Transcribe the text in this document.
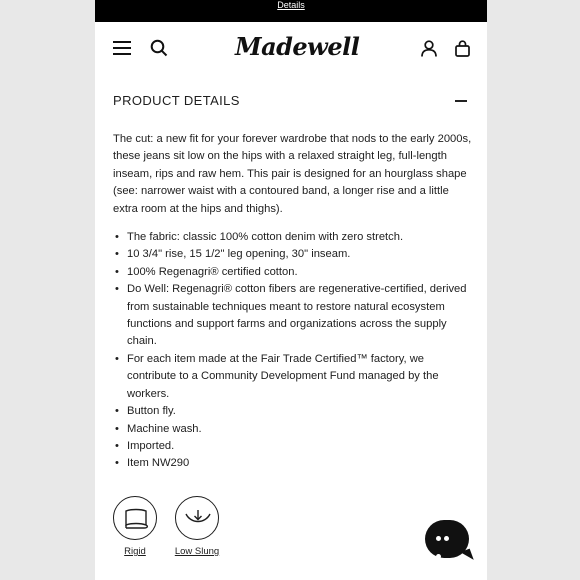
Details
Madewell
PRODUCT DETAILS

The cut: a new fit for your forever wardrobe that nods to the early 2000s, these jeans sit low on the hips with a relaxed straight leg, full-length inseam, rips and raw hem. This pair is designed for an hourglass shape (see: narrower waist with a contoured band, a longer rise and a little extra room at the hips and thighs).

• The fabric: classic 100% cotton denim with zero stretch.
• 10 3/4" rise, 15 1/2" leg opening, 30" inseam.
• 100% Regenagri® certified cotton.
• Do Well: Regenagri® cotton fibers are regenerative-certified, derived from sustainable techniques meant to restore natural ecosystem functions and support farms and organizations across the supply chain.
• For each item made at the Fair Trade Certified™ factory, we contribute to a Community Development Fund managed by the workers.
• Button fly.
• Machine wash.
• Imported.
• Item NW290
Rigid	Low Slung
